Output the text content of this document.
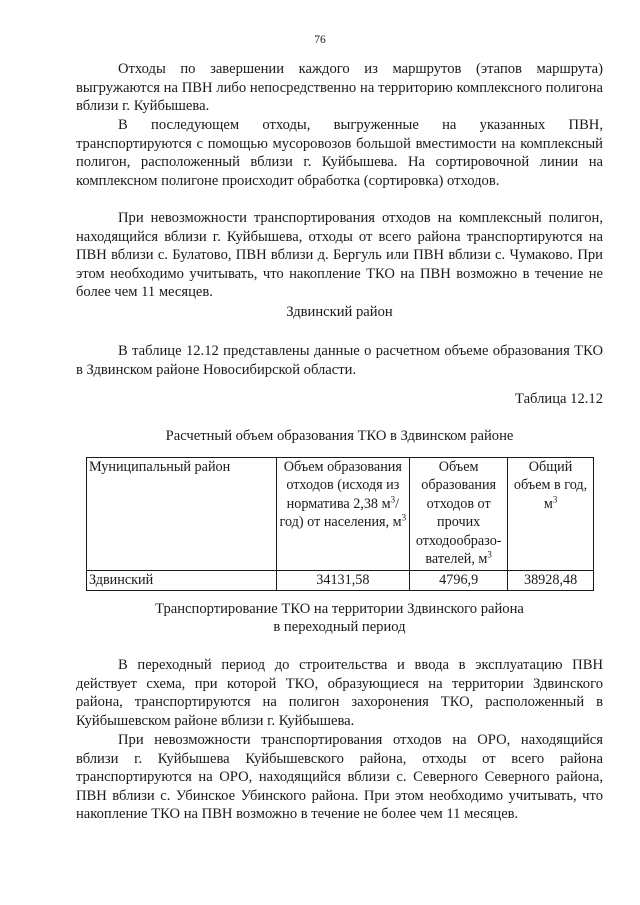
76

Отходы по завершении каждого из маршрутов (этапов маршрута) выгружаются на ПВН либо непосредственно на территорию комплексного полигона вблизи г. Куйбышева.

В последующем отходы, выгруженные на указанных ПВН, транспортируются с помощью мусоровозов большой вместимости на комплексный полигон, расположенный вблизи г. Куйбышева. На сортировочной линии на комплексном полигоне происходит обработка (сортировка) отходов.

При невозможности транспортирования отходов на комплексный полигон, находящийся вблизи г. Куйбышева, отходы от всего района транспортируются на ПВН вблизи с. Булатово, ПВН вблизи д. Бергуль или ПВН вблизи с. Чумаково. При этом необходимо учитывать, что накопление ТКО на ПВН возможно в течение не более чем 11 месяцев.

Здвинский район

В таблице 12.12 представлены данные о расчетном объеме образования ТКО в Здвинском районе Новосибирской области.

Таблица 12.12

Расчетный объем образования ТКО в Здвинском районе

Муниципальный район	Объем образования отходов (исходя из норматива 2,38 $м^3/год$) от населения, $м^3$	Объем образования отходов от прочих отходообразо-вателей, $м^3$	Общий объем в год, $м^3$
Здвинский	34131,58	4796,9	38928,48

Транспортирование ТКО на территории Здвинского района

в переходный период

В переходный период до строительства и ввода в эксплуатацию ПВН действует схема, при которой ТКО, образующиеся на территории Здвинского района, транспортируются на полигон захоронения ТКО, расположенный в Куйбышевском районе вблизи г. Куйбышева.

При невозможности транспортирования отходов на ОРО, находящийся вблизи г. Куйбышева Куйбышевского района, отходы от всего района транспортируются на ОРО, находящийся вблизи с. Северного Северного района, ПВН вблизи с. Убинское Убинского района. При этом необходимо учитывать, что накопление ТКО на ПВН возможно в течение не более чем 11 месяцев.
